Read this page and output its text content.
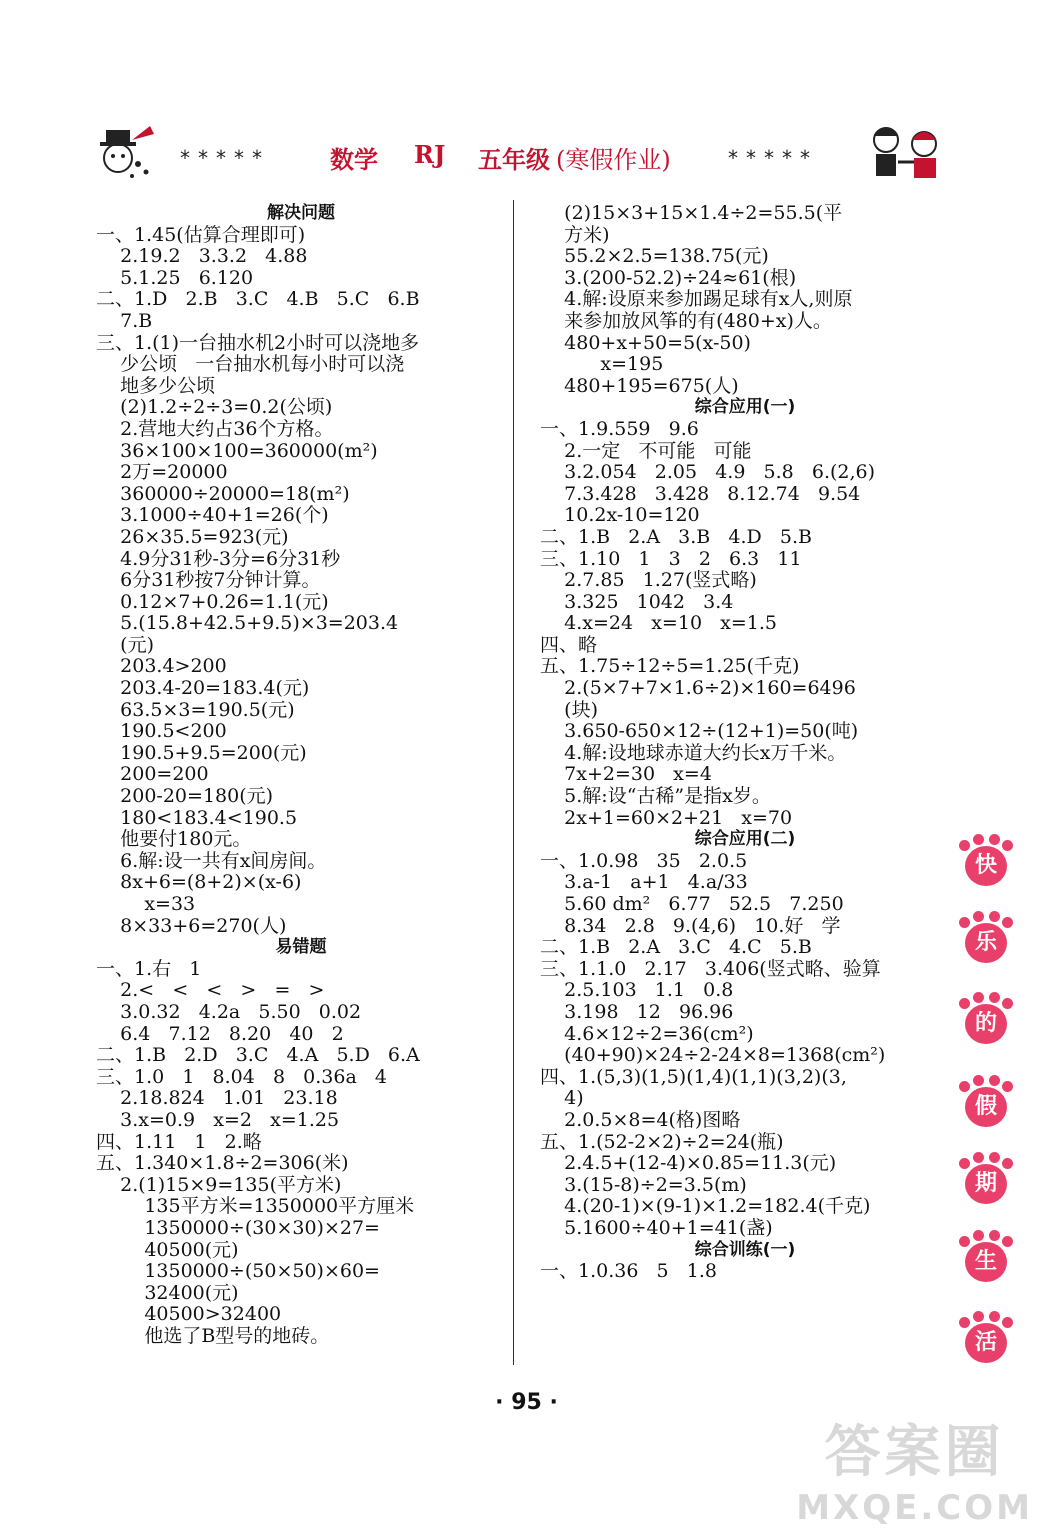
*****	数学 RJ 五年级 (寒假作业)	*****
解决问题
一、1.45(估算合理即可)
2.19.2   3.3.2   4.88
5.1.25   6.120
二、1.D   2.B   3.C   4.B   5.C   6.B
7.B
三、1.(1)一台抽水机2小时可以浇地多
少公顷   一台抽水机每小时可以浇
地多少公顷
(2)1.2÷2÷3=0.2(公顷)
2.营地大约占36个方格。
36×100×100=360000(m²)
2万=20000
360000÷20000=18(m²)
3.1000÷40+1=26(个)
26×35.5=923(元)
4.9分31秒-3分=6分31秒
6分31秒按7分钟计算。
0.12×7+0.26=1.1(元)
5.(15.8+42.5+9.5)×3=203.4
(元)
203.4>200
203.4-20=183.4(元)
63.5×3=190.5(元)
190.5<200
190.5+9.5=200(元)
200=200
200-20=180(元)
180<183.4<190.5
他要付180元。
6.解:设一共有x间房间。
8x+6=(8+2)×(x-6)
x=33
8×33+6=270(人)
易错题
一、1.右   1
2.<   <   <   >   =   >
3.0.32   4.2a   5.50   0.02
6.4   7.12   8.20   40   2
二、1.B   2.D   3.C   4.A   5.D   6.A
三、1.0   1   8.04   8   0.36a   4
2.18.824   1.01   23.18
3.x=0.9   x=2   x=1.25
四、1.11   1   2.略
五、1.340×1.8÷2=306(米)
2.(1)15×9=135(平方米)
135平方米=1350000平方厘米
1350000÷(30×30)×27=
40500(元)
1350000÷(50×50)×60=
32400(元)
40500>32400
他选了B型号的地砖。
(2)15×3+15×1.4÷2=55.5(平
方米)
55.2×2.5=138.75(元)
3.(200-52.2)÷24≈61(根)
4.解:设原来参加踢足球有x人,则原
来参加放风筝的有(480+x)人。
480+x+50=5(x-50)
x=195
480+195=675(人)
综合应用(一)
一、1.9.559   9.6
2.一定   不可能   可能
3.2.054   2.05   4.9   5.8   6.(2,6)
7.3.428   3.428   8.12.74   9.54
10.2x-10=120
二、1.B   2.A   3.B   4.D   5.B
三、1.10   1   3   2   6.3   11
2.7.85   1.27(竖式略)
3.325   1042   3.4
4.x=24   x=10   x=1.5
四、略
五、1.75÷12÷5=1.25(千克)
2.(5×7+7×1.6÷2)×160=6496
(块)
3.650-650×12÷(12+1)=50(吨)
4.解:设地球赤道大约长x万千米。
7x+2=30   x=4
5.解:设“古稀”是指x岁。
2x+1=60×2+21   x=70
综合应用(二)
一、1.0.98   35   2.0.5
3.a-1   a+1   4.a/33
5.60 dm²   6.77   52.5   7.250
8.34   2.8   9.(4,6)   10.好   学
二、1.B   2.A   3.C   4.C   5.B
三、1.1.0   2.17   3.406(竖式略、验算
2.5.103   1.1   0.8
3.198   12   96.96
4.6×12÷2=36(cm²)
(40+90)×24÷2-24×8=1368(cm²)
四、1.(5,3)(1,5)(1,4)(1,1)(3,2)(3,
4)
2.0.5×8=4(格)图略
五、1.(52-2×2)÷2=24(瓶)
2.4.5+(12-4)×0.85=11.3(元)
3.(15-8)÷2=3.5(m)
4.(20-1)×(9-1)×1.2=182.4(千克)
5.1600÷40+1=41(盏)
综合训练(一)
一、1.0.36   5   1.8
· 95 ·
快
乐
的
假
期
生
活
答案圈
MXQE.COM
